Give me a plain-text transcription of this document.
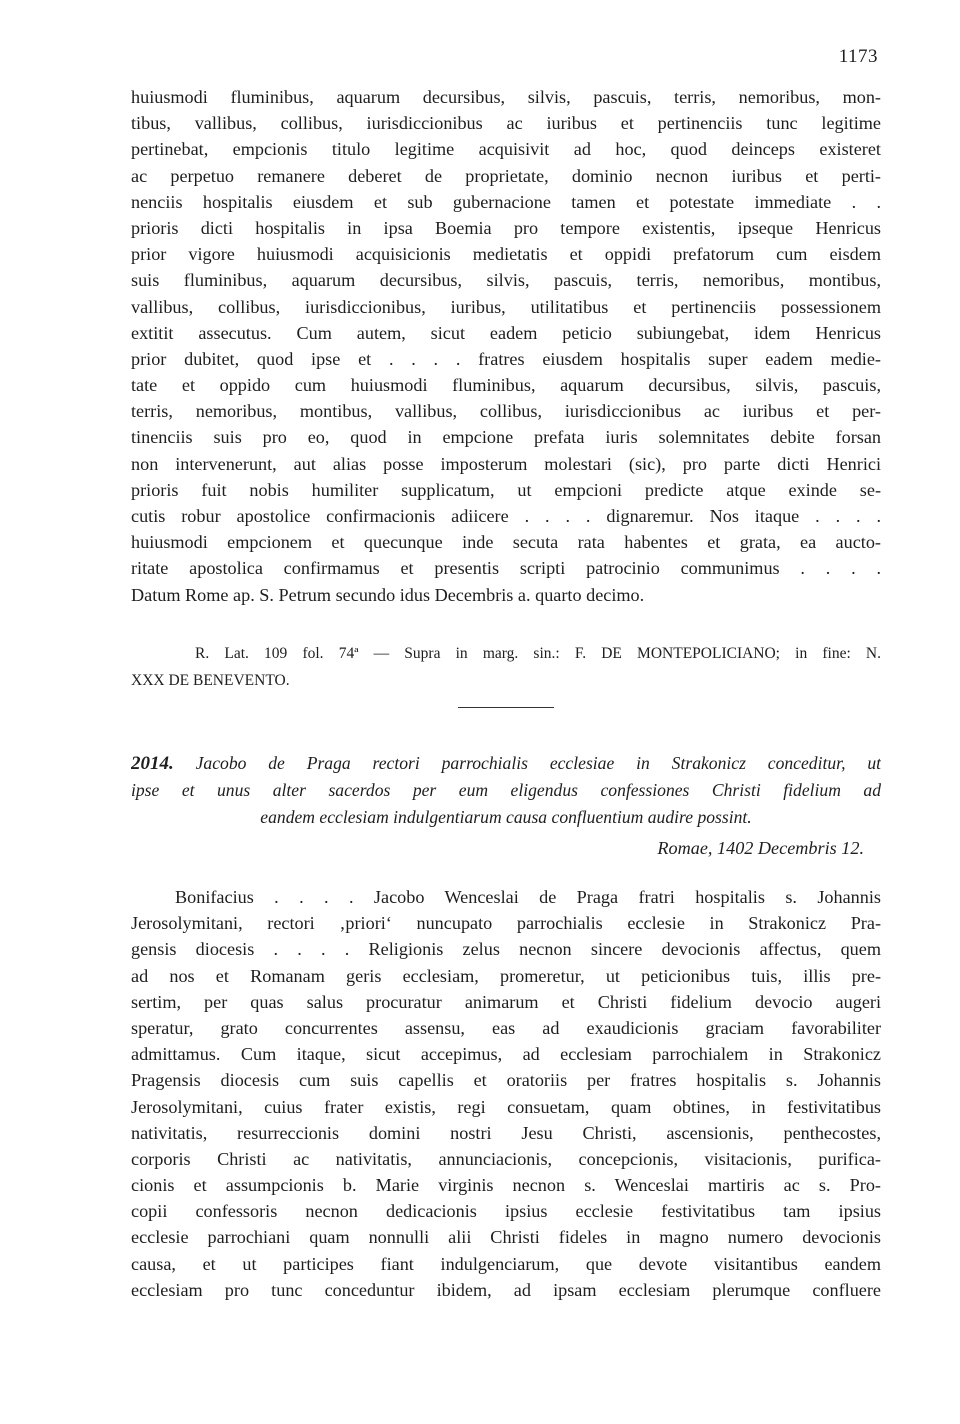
1173
huiusmodi fluminibus, aquarum decursibus, silvis, pascuis, terris, nemoribus, mon-
tibus, vallibus, collibus, iurisdiccionibus ac iuribus et pertinenciis tunc legitime
pertinebat, empcionis titulo legitime acquisivit ad hoc, quod deinceps existeret
ac perpetuo remanere deberet de proprietate, dominio necnon iuribus et perti-
nenciis hospitalis eiusdem et sub gubernacione tamen et potestate immediate . .
prioris dicti hospitalis in ipsa Boemia pro tempore existentis, ipseque Henricus
prior vigore huiusmodi acquisicionis medietatis et oppidi prefatorum cum eisdem
suis fluminibus, aquarum decursibus, silvis, pascuis, terris, nemoribus, montibus,
vallibus, collibus, iurisdiccionibus, iuribus, utilitatibus et pertinenciis possessionem
extitit assecutus. Cum autem, sicut eadem peticio subiungebat, idem Henricus
prior dubitet, quod ipse et . . . . fratres eiusdem hospitalis super eadem medie-
tate et oppido cum huiusmodi fluminibus, aquarum decursibus, silvis, pascuis,
terris, nemoribus, montibus, vallibus, collibus, iurisdiccionibus ac iuribus et per-
tinenciis suis pro eo, quod in empcione prefata iuris solemnitates debite forsan
non intervenerunt, aut alias posse imposterum molestari (sic), pro parte dicti Henrici
prioris fuit nobis humiliter supplicatum, ut empcioni predicte atque exinde se-
cutis robur apostolice confirmacionis adiicere . . . . dignaremur. Nos itaque . . . .
huiusmodi empcionem et quecunque inde secuta rata habentes et grata, ea aucto-
ritate apostolica confirmamus et presentis scripti patrocinio communimus . . . .
Datum Rome ap. S. Petrum secundo idus Decembris a. quarto decimo.
R. Lat. 109 fol. 74ª — Supra in marg. sin.: F. DE MONTEPOLICIANO; in fine: N.
XXX DE BENEVENTO.
2014. Jacobo de Praga rectori parrochialis ecclesiae in Strakonicz conceditur, ut
ipse et unus alter sacerdos per eum eligendus confessiones Christi fidelium ad
eandem ecclesiam indulgentiarum causa confluentium audire possint.
Romae, 1402 Decembris 12.
Bonifacius . . . . Jacobo Wenceslai de Praga fratri hospitalis s. Johannis
Jerosolymitani, rectori ‚priori‘ nuncupato parrochialis ecclesie in Strakonicz Pra-
gensis diocesis . . . . Religionis zelus necnon sincere devocionis affectus, quem
ad nos et Romanam geris ecclesiam, promeretur, ut peticionibus tuis, illis pre-
sertim, per quas salus procuratur animarum et Christi fidelium devocio augeri
speratur, grato concurrentes assensu, eas ad exaudicionis graciam favorabiliter
admittamus. Cum itaque, sicut accepimus, ad ecclesiam parrochialem in Strakonicz
Pragensis diocesis cum suis capellis et oratoriis per fratres hospitalis s. Johannis
Jerosolymitani, cuius frater existis, regi consuetam, quam obtines, in festivitatibus
nativitatis, resurreccionis domini nostri Jesu Christi, ascensionis, penthecostes,
corporis Christi ac nativitatis, annunciacionis, concepcionis, visitacionis, purifica-
cionis et assumpcionis b. Marie virginis necnon s. Wenceslai martiris ac s. Pro-
copii confessoris necnon dedicacionis ipsius ecclesie festivitatibus tam ipsius
ecclesie parrochiani quam nonnulli alii Christi fideles in magno numero devocionis
causa, et ut participes fiant indulgenciarum, que devote visitantibus eandem
ecclesiam pro tunc conceduntur ibidem, ad ipsam ecclesiam plerumque confluere
